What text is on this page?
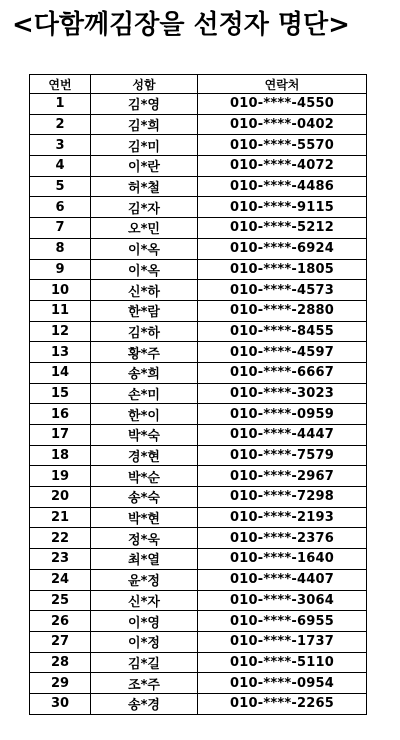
<다함께김장을 선정자 명단>
연번	성함	연락처
1	김*영	010-****-4550
2	김*희	010-****-0402
3	김*미	010-****-5570
4	이*란	010-****-4072
5	허*철	010-****-4486
6	김*자	010-****-9115
7	오*민	010-****-5212
8	이*옥	010-****-6924
9	이*옥	010-****-1805
10	신*하	010-****-4573
11	한*람	010-****-2880
12	김*하	010-****-8455
13	황*주	010-****-4597
14	송*희	010-****-6667
15	손*미	010-****-3023
16	한*이	010-****-0959
17	박*숙	010-****-4447
18	경*현	010-****-7579
19	박*순	010-****-2967
20	송*숙	010-****-7298
21	박*현	010-****-2193
22	정*욱	010-****-2376
23	최*열	010-****-1640
24	윤*정	010-****-4407
25	신*자	010-****-3064
26	이*영	010-****-6955
27	이*정	010-****-1737
28	김*길	010-****-5110
29	조*주	010-****-0954
30	송*경	010-****-2265
